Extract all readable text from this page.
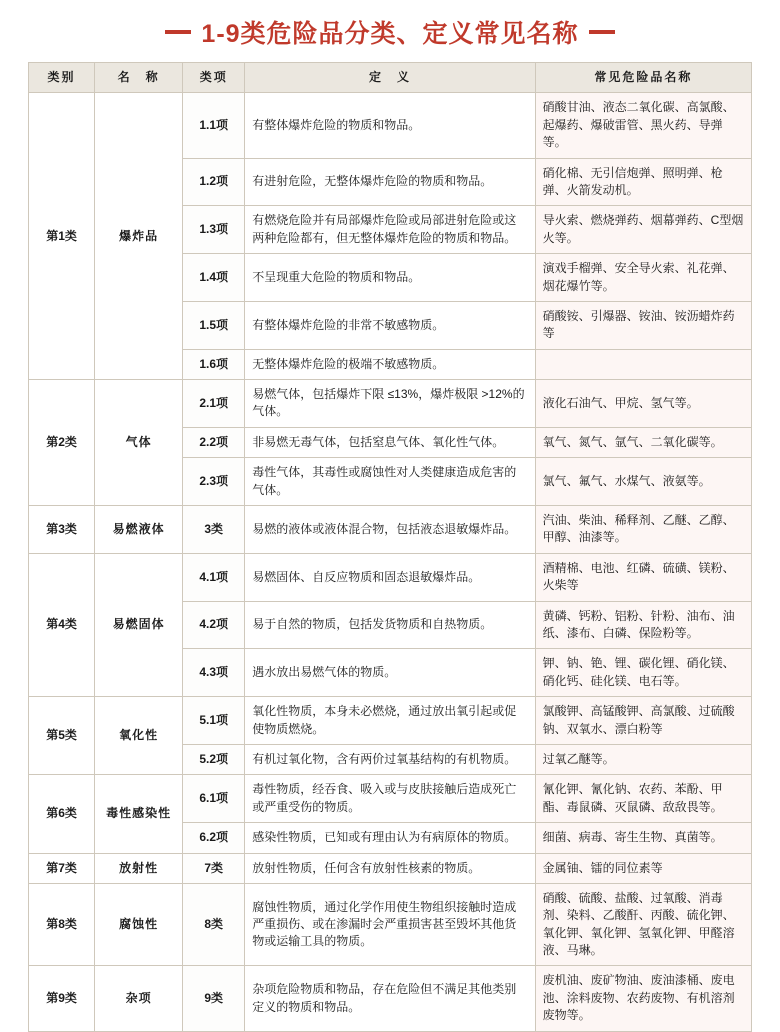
1-9类危险品分类、定义常见名称
类别	名　称	类项	定　义	常见危险品名称
第1类	爆炸品	1.1项	有整体爆炸危险的物质和物品。	硝酸甘油、液态二氧化碳、高氯酸、起爆药、爆破雷管、黑火药、导弹等。
		1.2项	有进射危险，无整体爆炸危险的物质和物品。	硝化棉、无引信炮弹、照明弹、枪弹、火箭发动机。
		1.3项	有燃烧危险并有局部爆炸危险或局部进射危险或这两种危险都有，但无整体爆炸危险的物质和物品。	导火索、燃烧弹药、烟幕弹药、C型烟火等。
		1.4项	不呈现重大危险的物质和物品。	演戏手榴弹、安全导火索、礼花弹、烟花爆竹等。
		1.5项	有整体爆炸危险的非常不敏感物质。	硝酸铵、引爆器、铵油、铵沥蜡炸药等
		1.6项	无整体爆炸危险的极端不敏感物质。	
第2类	气体	2.1项	易燃气体，包括爆炸下限 ≤13%，爆炸极限 >12%的气体。	液化石油气、甲烷、氢气等。
		2.2项	非易燃无毒气体，包括窒息气体、氧化性气体。	氧气、氮气、氩气、二氧化碳等。
		2.3项	毒性气体，其毒性或腐蚀性对人类健康造成危害的气体。	氯气、氟气、水煤气、液氨等。
第3类	易燃液体	3类	易燃的液体或液体混合物，包括液态退敏爆炸品。	汽油、柴油、稀释剂、乙醚、乙醇、甲醇、油漆等。
第4类	易燃固体	4.1项	易燃固体、自反应物质和固态退敏爆炸品。	酒精棉、电池、红磷、硫磺、镁粉、火柴等
		4.2项	易于自然的物质，包括发货物质和自热物质。	黄磷、钙粉、铝粉、针粉、油布、油纸、漆布、白磷、保险粉等。
		4.3项	遇水放出易燃气体的物质。	钾、钠、铯、锂、碳化锂、硝化镁、硝化钙、硅化镁、电石等。
第5类	氧化性	5.1项	氧化性物质，本身未必燃烧，通过放出氧引起或促使物质燃烧。	氯酸钾、高锰酸钾、高氯酸、过硫酸钠、双氧水、漂白粉等
		5.2项	有机过氧化物，含有两价过氧基结构的有机物质。	过氧乙醚等。
第6类	毒性感染性	6.1项	毒性物质，经吞食、吸入或与皮肤接触后造成死亡或严重受伤的物质。	氰化钾、氰化钠、农药、苯酚、甲酯、毒鼠磷、灭鼠磷、敌敌畏等。
		6.2项	感染性物质，已知或有理由认为有病原体的物质。	细菌、病毒、寄生生物、真菌等。
第7类	放射性	7类	放射性物质，任何含有放射性核素的物质。	金属铀、镭的同位素等
第8类	腐蚀性	8类	腐蚀性物质，通过化学作用使生物组织接触时造成严重损伤、或在渗漏时会严重损害甚至毁坏其他货物或运输工具的物质。	硝酸、硫酸、盐酸、过氧酸、消毒剂、染料、乙酸酐、丙酸、硫化钾、氧化钾、氧化钾、氢氧化钾、甲醛溶液、马琳。
第9类	杂项	9类	杂项危险物质和物品，存在危险但不满足其他类别定义的物质和物品。	废机油、废矿物油、废油漆桶、废电池、涂料废物、农药废物、有机溶剂废物等。
